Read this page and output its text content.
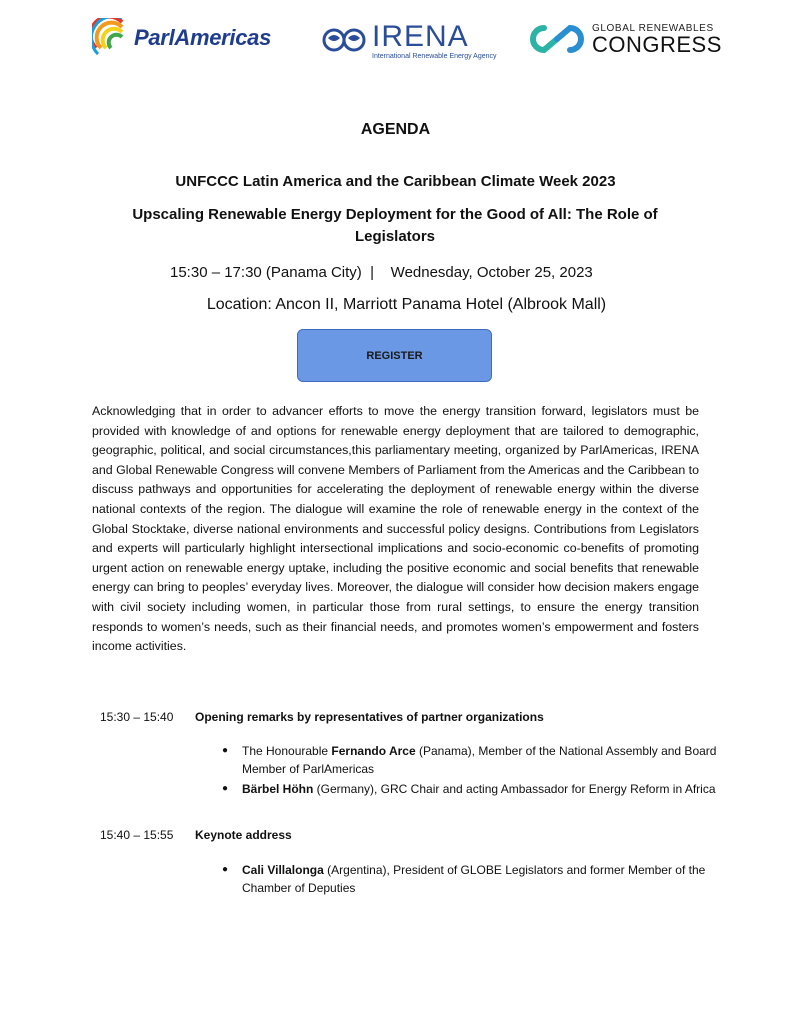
ParlAmericas	IRENA
International Renewable Energy Agency
GLOBAL RENEWABLES
CONGRESS
AGENDA
UNFCCC Latin America and the Caribbean Climate Week 2023
Upscaling Renewable Energy Deployment for the Good of All: The Role of Legislators
15:30 – 17:30 (Panama City)  |    Wednesday, October 25, 2023
Location: Ancon II, Marriott Panama Hotel (Albrook Mall)
REGISTER

Acknowledging that in order to advancer efforts to move the energy transition forward, legislators must be provided with knowledge of and options for renewable energy deployment that are tailored to demographic, geographic, political, and social circumstances,this parliamentary meeting, organized by ParlAmericas, IRENA and Global Renewable Congress will convene Members of Parliament from the Americas and the Caribbean to discuss pathways and opportunities for accelerating the deployment of renewable energy within the diverse national contexts of the region. The dialogue will examine the role of renewable energy in the context of the Global Stocktake, diverse national environments and successful policy designs. Contributions from Legislators and experts will particularly highlight intersectional implications and socio-economic co-benefits of promoting urgent action on renewable energy uptake, including the positive economic and social benefits that renewable energy can bring to peoples’ everyday lives. Moreover, the dialogue will consider how decision makers engage with civil society including women, in particular those from rural settings, to ensure the energy transition responds to women’s needs, such as their financial needs, and promotes women’s empowerment and fosters income activities.

15:30 – 15:40 Opening remarks by representatives of partner organizations
● The Honourable Fernando Arce (Panama), Member of the National Assembly and Board Member of ParlAmericas
● Bärbel Höhn (Germany), GRC Chair and acting Ambassador for Energy Reform in Africa
15:40 – 15:55 Keynote address
● Cali Villalonga (Argentina), President of GLOBE Legislators and former Member of the Chamber of Deputies
